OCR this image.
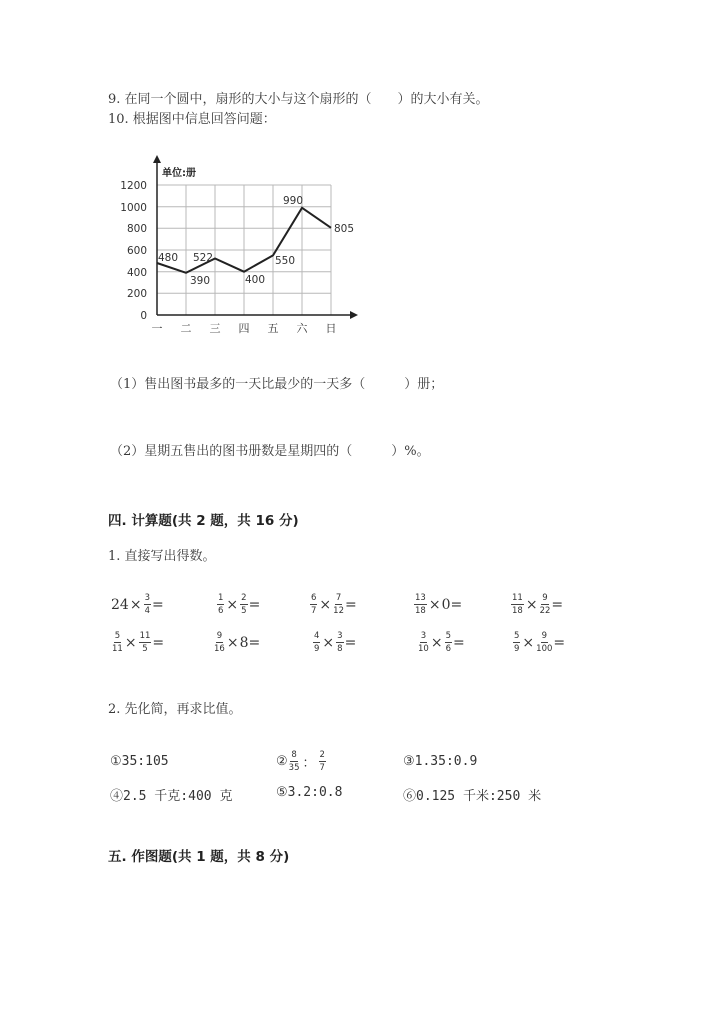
9. 在同一个圆中，扇形的大小与这个扇形的（　　）的大小有关。
10. 根据图中信息回答问题：
单位:册
0
200
400
600
800
1000
1200
一 二 三 四 五 六 日
480
390
522
400
550
990
805
（1）售出图书最多的一天比最少的一天多（　　　）册；
（2）星期五售出的图书册数是星期四的（　　　）%。
四. 计算题(共 2 题，共 16 分)
1. 直接写出得数。
$24 \times \frac{3}{4}$ =	$\frac{1}{6} \times \frac{2}{5}$ =	$\frac{6}{7} \times \frac{7}{12}$ =	$\frac{13}{18} \times 0$ =	$\frac{11}{18} \times \frac{9}{22}$ =
$\frac{5}{11} \times \frac{11}{5}$ =	$\frac{9}{16} \times 8$ =	$\frac{4}{9} \times \frac{3}{8}$ =	$\frac{3}{10} \times \frac{5}{6}$ =	$\frac{5}{9} \times \frac{9}{100}$ =
2. 先化简，再求比值。
①35:105	② $\frac{8}{35}$ ： $\frac{2}{7}$	③1.35:0.9
④2.5 千克:400 克	⑤3.2:0.8	⑥0.125 千米:250 米
五. 作图题(共 1 题，共 8 分)
